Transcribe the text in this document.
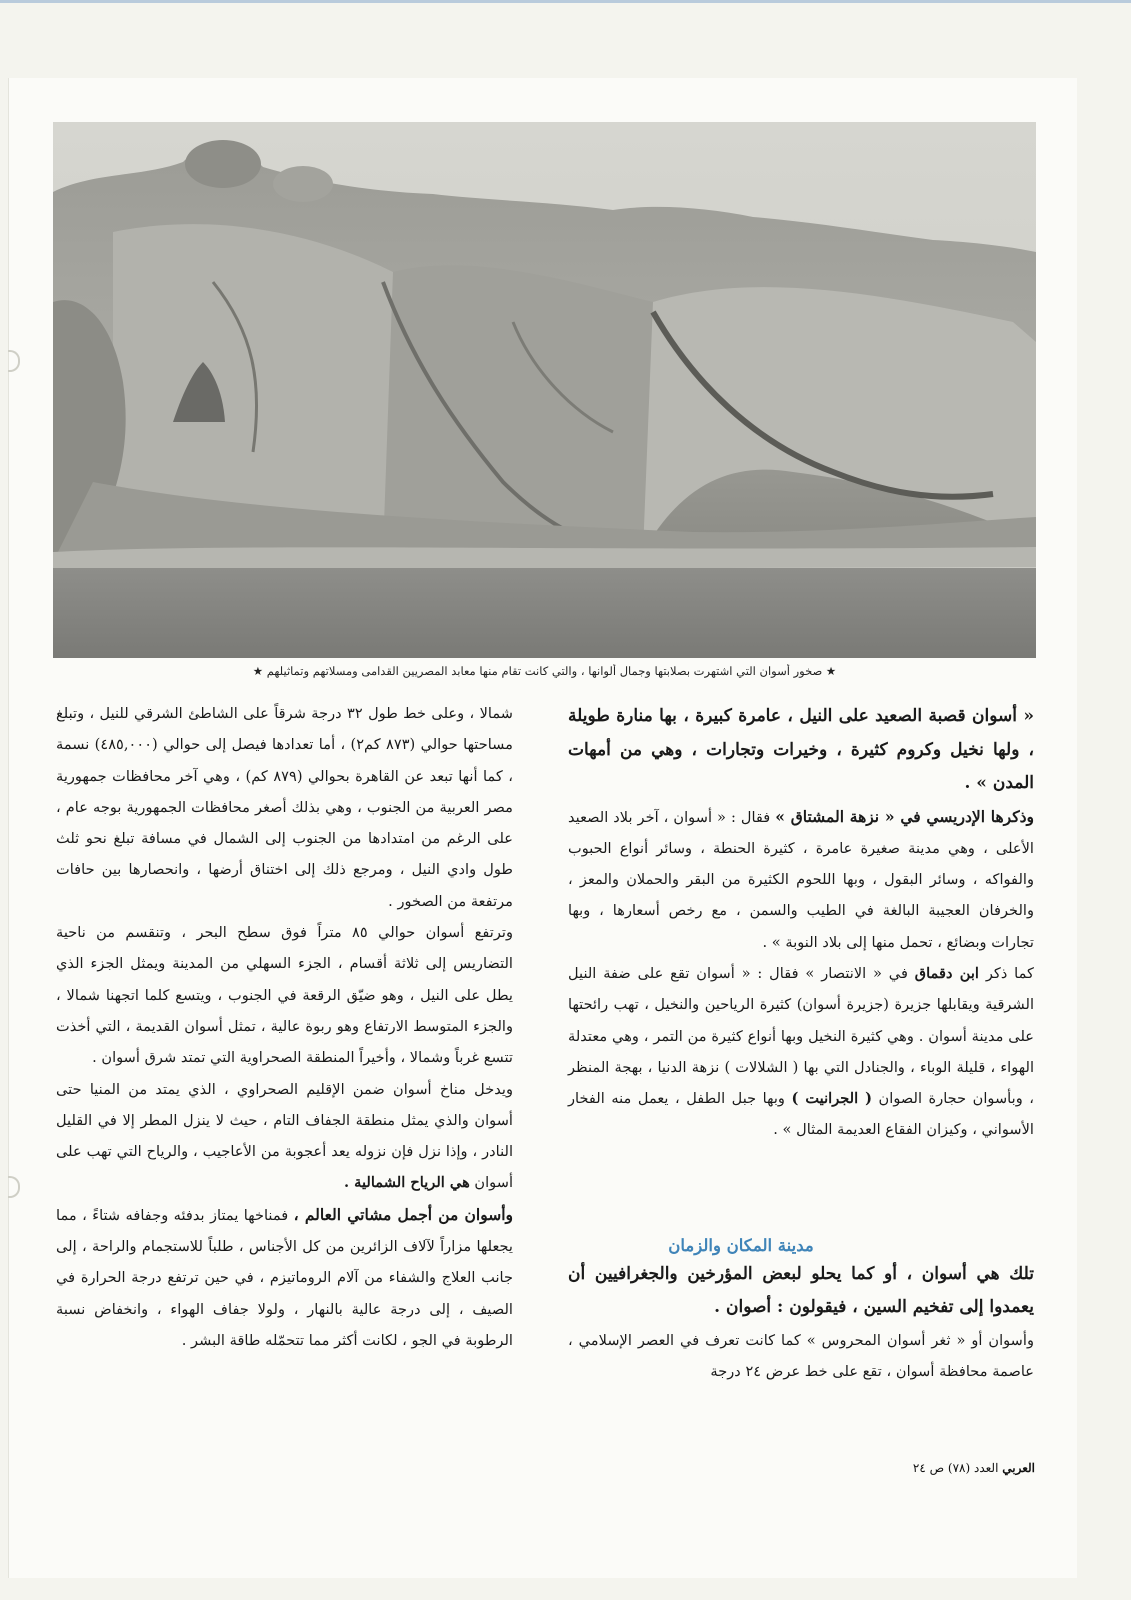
★ صخور أسوان التي اشتهرت بصلابتها وجمال ألوانها ، والتي كانت تقام منها معابد المصريين القدامى ومسلاتهم وتماثيلهم ★

« أسوان قصبة الصعيد على النيل ، عامرة كبيرة ، بها منارة طويلة ، ولها نخيل وكروم كثيرة ، وخيرات وتجارات ، وهي من أمهات المدن » .

وذكرها الإدريسي في « نزهة المشتاق » فقال : « أسوان ، آخر بلاد الصعيد الأعلى ، وهي مدينة صغيرة عامرة ، كثيرة الحنطة ، وسائر أنواع الحبوب والفواكه ، وسائر البقول ، وبها اللحوم الكثيرة من البقر والحملان والمعز ، والخرفان العجيبة البالغة في الطيب والسمن ، مع رخص أسعارها ، وبها تجارات وبضائع ، تحمل منها إلى بلاد النوبة » .

كما ذكر ابن دقماق في « الانتصار » فقال : « أسوان تقع على ضفة النيل الشرقية ويقابلها جزيرة (جزيرة أسوان) كثيرة الرياحين والنخيل ، تهب رائحتها على مدينة أسوان . وهي كثيرة النخيل وبها أنواع كثيرة من التمر ، وهي معتدلة الهواء ، قليلة الوباء ، والجنادل التي بها ( الشلالات ) نزهة الدنيا ، بهجة المنظر ، وبأسوان حجارة الصوان ( الجرانيت ) وبها جبل الطفل ، يعمل منه الفخار الأسواني ، وكيزان الفقاع العديمة المثال » .

مدينة المكان والزمان

تلك هي أسوان ، أو كما يحلو لبعض المؤرخين والجغرافيين أن يعمدوا إلى تفخيم السين ، فيقولون : أصوان .

وأسوان أو « ثغر أسوان المحروس » كما كانت تعرف في العصر الإسلامي ، عاصمة محافظة أسوان ، تقع على خط عرض ٢٤ درجة

شمالا ، وعلى خط طول ٣٢ درجة شرقاً على الشاطئ الشرقي للنيل ، وتبلغ مساحتها حوالي (٨٧٣ كم٢) ، أما تعدادها فيصل إلى حوالي (٤٨٥,٠٠٠) نسمة ، كما أنها تبعد عن القاهرة بحوالي (٨٧٩ كم) ، وهي آخر محافظات جمهورية مصر العربية من الجنوب ، وهي بذلك أصغر محافظات الجمهورية بوجه عام ، على الرغم من امتدادها من الجنوب إلى الشمال في مسافة تبلغ نحو ثلث طول وادي النيل ، ومرجع ذلك إلى اختناق أرضها ، وانحصارها بين حافات مرتفعة من الصخور .

وترتفع أسوان حوالي ٨٥ متراً فوق سطح البحر ، وتنقسم من ناحية التضاريس إلى ثلاثة أقسام ، الجزء السهلي من المدينة ويمثل الجزء الذي يطل على النيل ، وهو ضيّق الرقعة في الجنوب ، ويتسع كلما اتجهنا شمالا ، والجزء المتوسط الارتفاع وهو ربوة عالية ، تمثل أسوان القديمة ، التي أخذت تتسع غرباً وشمالا ، وأخيراً المنطقة الصحراوية التي تمتد شرق أسوان .

ويدخل مناخ أسوان ضمن الإقليم الصحراوي ، الذي يمتد من المنيا حتى أسوان والذي يمثل منطقة الجفاف التام ، حيث لا ينزل المطر إلا في القليل النادر ، وإذا نزل فإن نزوله يعد أعجوبة من الأعاجيب ، والرياح التي تهب على أسوان هي الرياح الشمالية .

وأسوان من أجمل مشاتي العالم ، فمناخها يمتاز بدفئه وجفافه شتاءً ، مما يجعلها مزاراً لآلاف الزائرين من كل الأجناس ، طلباً للاستجمام والراحة ، إلى جانب العلاج والشفاء من آلام الروماتيزم ، في حين ترتفع درجة الحرارة في الصيف ، إلى درجة عالية بالنهار ، ولولا جفاف الهواء ، وانخفاض نسبة الرطوبة في الجو ، لكانت أكثر مما تتحمّله طاقة البشر .

العربي العدد (٧٨) ص ٢٤
